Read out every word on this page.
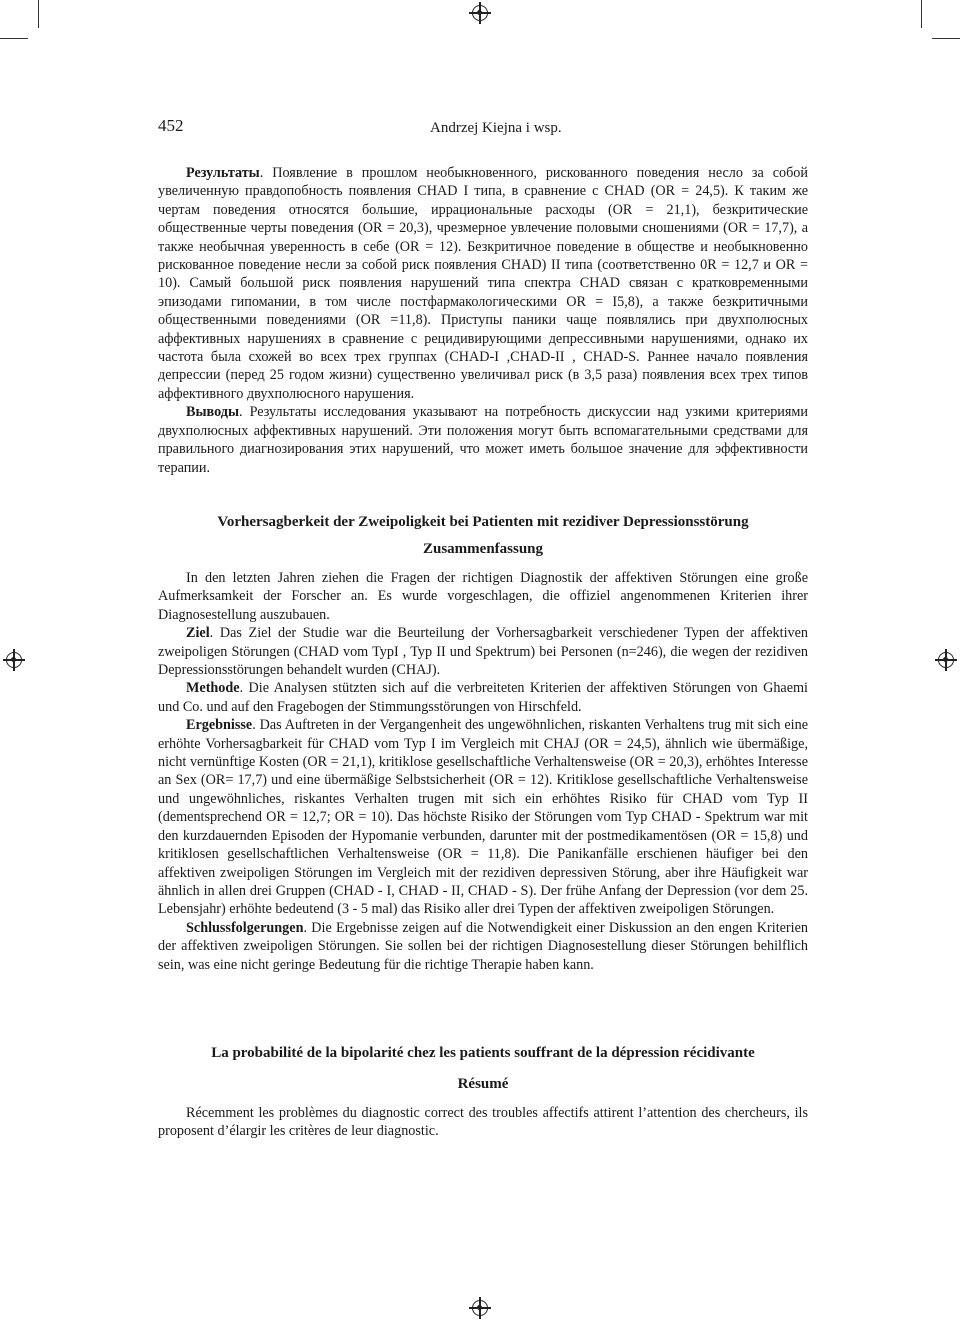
452	Andrzej Kiejna i wsp.

Результаты. Появление в прошлом необыкновенного, рискованного поведения несло за собой увеличенную правдопобность появления CHAD I типа, в сравнение с CHAD (OR = 24,5). К таким же чертам поведения относятся большие, иррациональные расходы (OR = 21,1), безкритические общественные черты поведения (OR = 20,3), чрезмерное увлечение половыми сношениями (OR = 17,7), а также необычная уверенность в себе (OR = 12). Безкритичное поведение в обществе и необыкновенно рискованное поведение несли за собой риск появления CHAD) II типа (соответственно 0R = 12,7 и OR = 10). Самый большой риск появления нарушений типа спектра CHAD связан с кратковременными эпизодами гипомании, в том числе постфармакологическими OR = I5,8), а также безкритичными общественными поведениями (OR =11,8). Приступы паники чаще появлялись при двухполюсных аффективных нарушениях в сравнение с рецидивирующими депрессивными нарушениями, однако их частота была схожей во всех трех группах (CHAD-I ,CHAD-II , CHAD-S. Раннее начало появления депрессии (перед 25 годом жизни) существенно увеличивал риск (в 3,5 раза) появления всех трех типов аффективного двухполюсного нарушения.

Выводы. Результаты исследования указывают на потребность дискуссии над узкими критериями двухполюсных аффективных нарушений. Эти положения могут быть вспомагательными средствами для правильного диагнозирования этих нарушений, что может иметь большое значение для эффективности терапии.

Vorhersagberkeit der Zweipoligkeit bei Patienten mit rezidiver Depressionsstörung
Zusammenfassung

In den letzten Jahren ziehen die Fragen der richtigen Diagnostik der affektiven Störungen eine große Aufmerksamkeit der Forscher an. Es wurde vorgeschlagen, die offiziel angenommenen Kriterien ihrer Diagnosestellung auszubauen.

Ziel. Das Ziel der Studie war die Beurteilung der Vorhersagbarkeit verschiedener Typen der affektiven zweipoligen Störungen (CHAD vom TypI , Typ II und Spektrum) bei Personen (n=246), die wegen der rezidiven Depressionsstörungen behandelt wurden (CHAJ).

Methode. Die Analysen stützten sich auf die verbreiteten Kriterien der affektiven Störungen von Ghaemi und Co. und auf den Fragebogen der Stimmungsstörungen von Hirschfeld.

Ergebnisse. Das Auftreten in der Vergangenheit des ungewöhnlichen, riskanten Verhaltens trug mit sich eine erhöhte Vorhersagbarkeit für CHAD vom Typ I im Vergleich mit CHAJ (OR = 24,5), ähnlich wie übermäßige, nicht vernünftige Kosten (OR = 21,1), kritiklose gesellschaftliche Verhaltensweise (OR = 20,3), erhöhtes Interesse an Sex (OR= 17,7) und eine übermäßige Selbstsicherheit (OR = 12). Kritiklose gesellschaftliche Verhaltensweise und ungewöhnliches, riskantes Verhalten trugen mit sich ein erhöhtes Risiko für CHAD vom Typ II (dementsprechend OR = 12,7; OR = 10). Das höchste Risiko der Störungen vom Typ CHAD - Spektrum war mit den kurzdauernden Episoden der Hypomanie verbunden, darunter mit der postmedikamentösen (OR = 15,8) und kritiklosen gesellschaftlichen Verhaltensweise (OR = 11,8). Die Panikanfälle erschienen häufiger bei den affektiven zweipoligen Störungen im Vergleich mit der rezidiven depressiven Störung, aber ihre Häufigkeit war ähnlich in allen drei Gruppen (CHAD - I, CHAD - II, CHAD - S). Der frühe Anfang der Depression (vor dem 25. Lebensjahr) erhöhte bedeutend (3 - 5 mal) das Risiko aller drei Typen der affektiven zweipoligen Störungen.

Schlussfolgerungen. Die Ergebnisse zeigen auf die Notwendigkeit einer Diskussion an den engen Kriterien der affektiven zweipoligen Störungen. Sie sollen bei der richtigen Diagnosestellung dieser Störungen behilflich sein, was eine nicht geringe Bedeutung für die richtige Therapie haben kann.

La probabilité de la bipolarité chez les patients souffrant de la dépression récidivante
Résumé

Récemment les problèmes du diagnostic correct des troubles affectifs attirent l’attention des chercheurs, ils proposent d’élargir les critères de leur diagnostic.
